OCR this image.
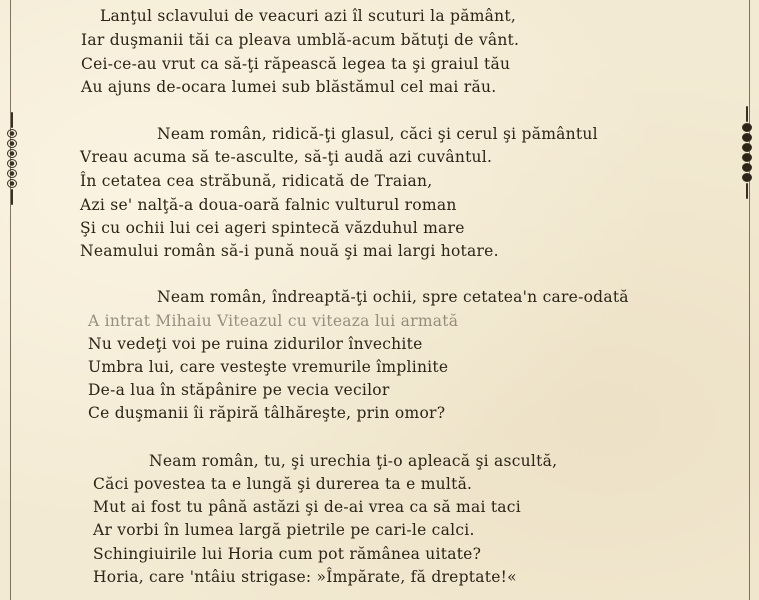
Lanţul sclavului de veacuri azi îl scuturi la pământ,
Iar duşmanii tăi ca pleava umblă-acum bătuţi de vânt.
Cei-ce-au vrut ca să-ţi răpească legea ta şi graiul tău
Au ajuns de-ocara lumei sub blăstămul cel mai rău.
Neam român, ridică-ţi glasul, căci şi cerul şi pământul
Vreau acuma să te-asculte, să-ţi audă azi cuvântul.
În cetatea cea străbună, ridicată de Traian,
Azi se' nalţă-a doua-oară falnic vulturul roman
Şi cu ochii lui cei ageri spintecă văzduhul mare
Neamului român să-i pună nouă şi mai largi hotare.
Neam român, îndreaptă-ţi ochii, spre cetatea'n care-odată
A intrat Mihaiu Viteazul cu viteaza lui armată
Nu vedeţi voi pe ruina zidurilor învechite
Umbra lui, care vesteşte vremurile împlinite
De-a lua în stăpânire pe vecia vecilor
Ce duşmanii îi răpiră tâlhăreşte, prin omor?
Neam român, tu, şi urechia ţi-o apleacă şi ascultă,
Căci povestea ta e lungă şi durerea ta e multă.
Mut ai fost tu până astăzi şi de-ai vrea ca să mai taci
Ar vorbi în lumea largă pietrile pe cari-le calci.
Schingiuirile lui Horia cum pot rămânea uitate?
Horia, care 'ntâiu strigase: »Împărate, fă dreptate!«
